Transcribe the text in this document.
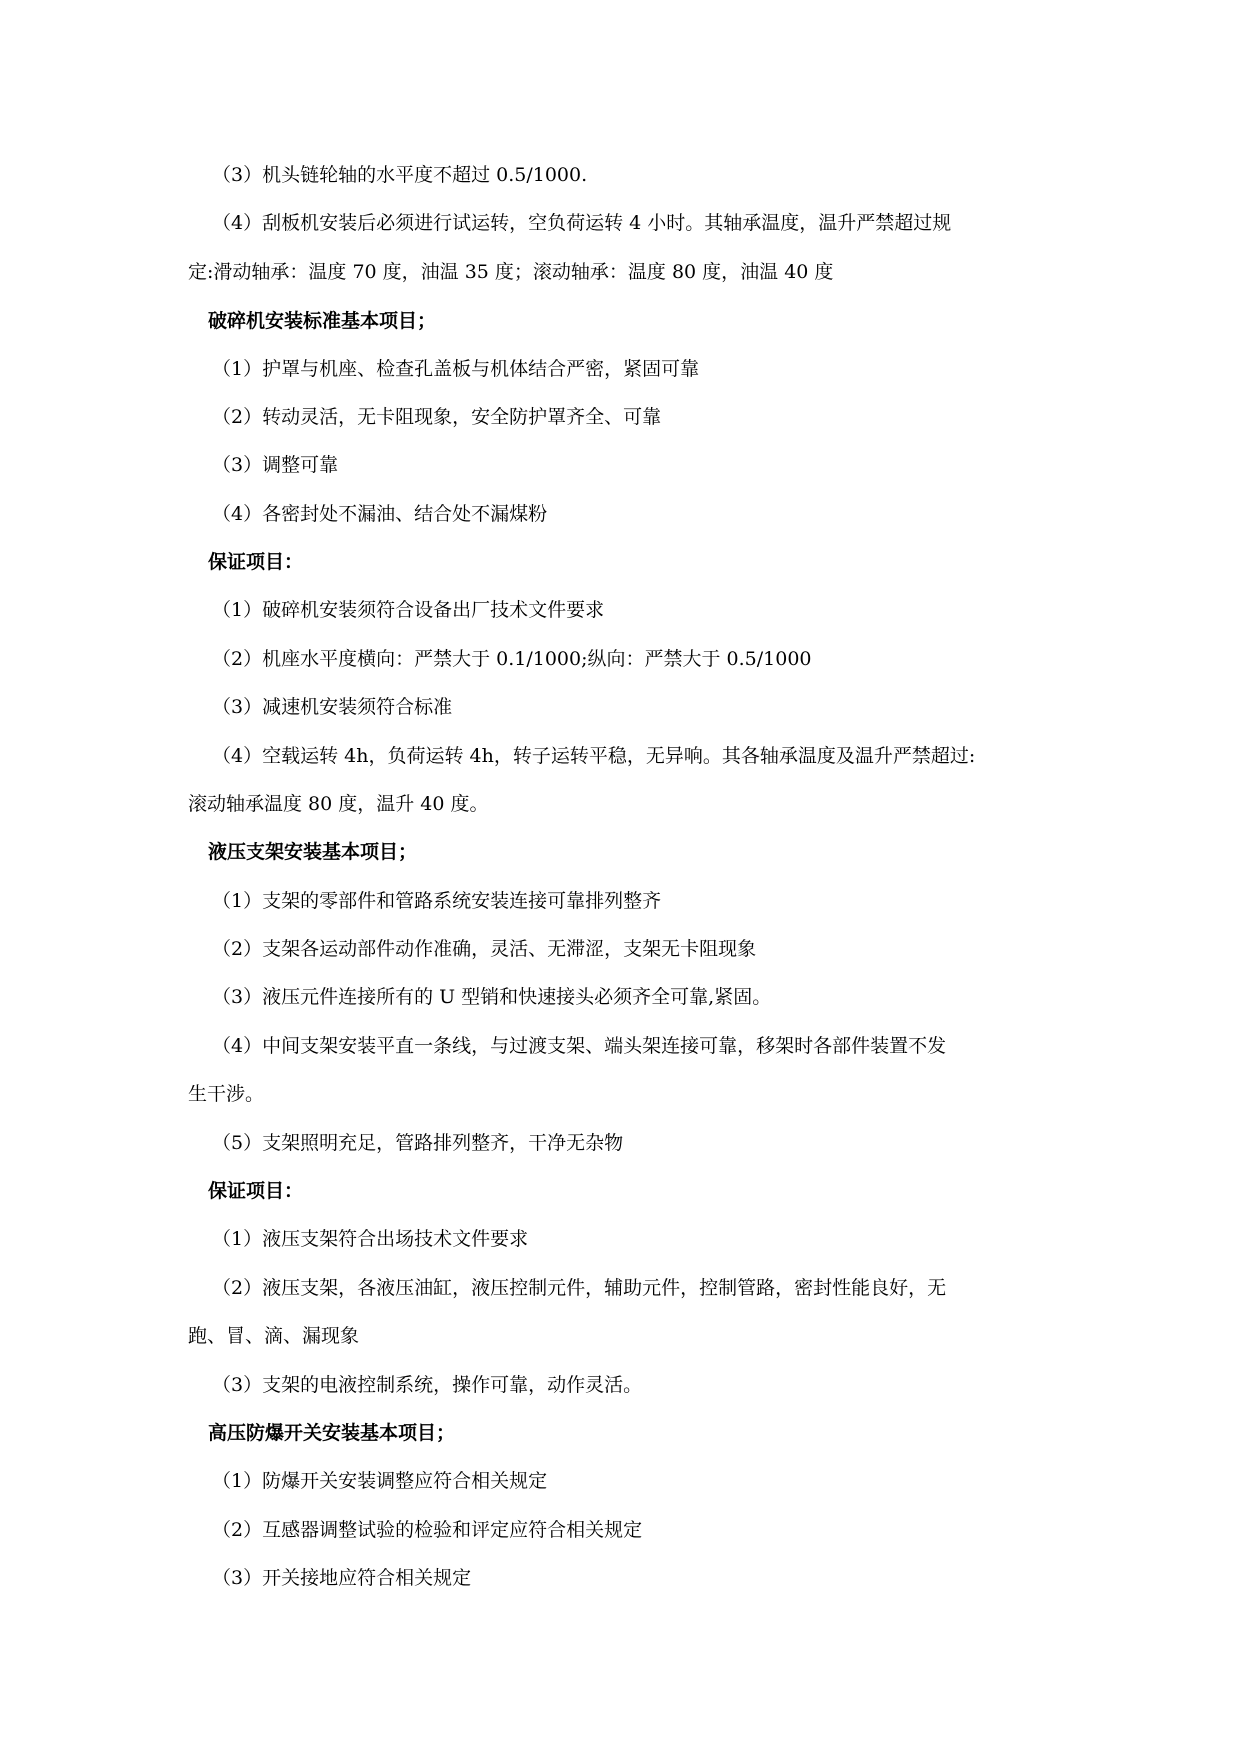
（3）机头链轮轴的水平度不超过 0.5/1000.
（4）刮板机安装后必须进行试运转，空负荷运转 4 小时。其轴承温度，温升严禁超过规
定:滑动轴承：温度 70 度，油温 35 度；滚动轴承：温度 80 度，油温 40 度
破碎机安装标准基本项目；
（1）护罩与机座、检查孔盖板与机体结合严密，紧固可靠
（2）转动灵活，无卡阻现象，安全防护罩齐全、可靠
（3）调整可靠
（4）各密封处不漏油、结合处不漏煤粉
保证项目：
（1）破碎机安装须符合设备出厂技术文件要求
（2）机座水平度横向：严禁大于 0.1/1000;纵向：严禁大于 0.5/1000
（3）减速机安装须符合标准
（4）空载运转 4h，负荷运转 4h，转子运转平稳，无异响。其各轴承温度及温升严禁超过:
滚动轴承温度 80 度，温升 40 度。
液压支架安装基本项目；
（1）支架的零部件和管路系统安装连接可靠排列整齐
（2）支架各运动部件动作准确，灵活、无滞涩，支架无卡阻现象
（3）液压元件连接所有的 U 型销和快速接头必须齐全可靠,紧固。
（4）中间支架安装平直一条线，与过渡支架、端头架连接可靠，移架时各部件装置不发
生干涉。
（5）支架照明充足，管路排列整齐，干净无杂物
保证项目：
（1）液压支架符合出场技术文件要求
（2）液压支架，各液压油缸，液压控制元件，辅助元件，控制管路，密封性能良好，无
跑、冒、滴、漏现象
（3）支架的电液控制系统，操作可靠，动作灵活。
高压防爆开关安装基本项目；
（1）防爆开关安装调整应符合相关规定
（2）互感器调整试验的检验和评定应符合相关规定
（3）开关接地应符合相关规定
